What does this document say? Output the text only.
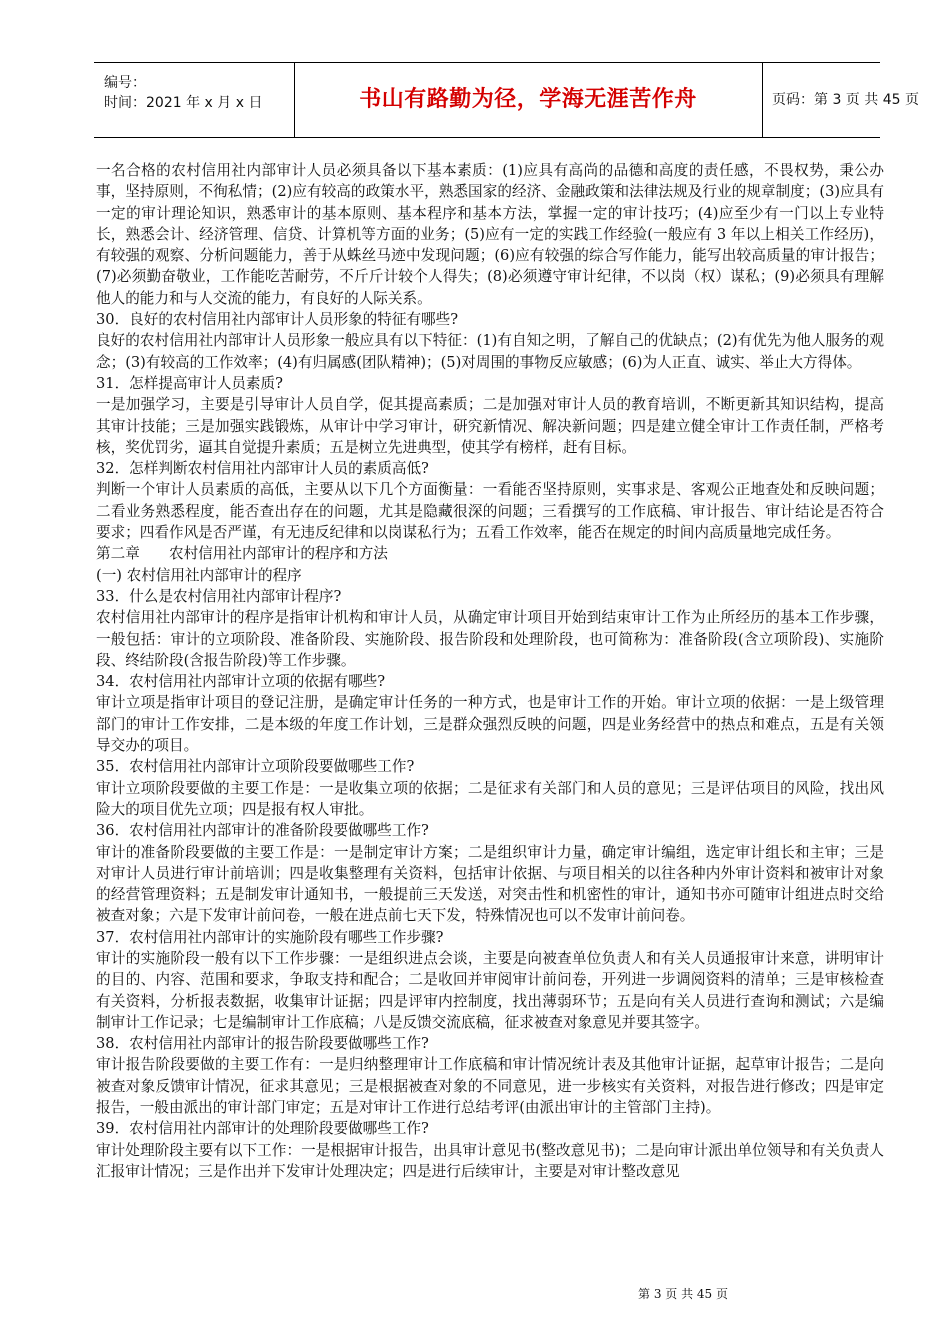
编号：
时间：2021 年 x 月 x 日	书山有路勤为径，学海无涯苦作舟	页码：第 3 页 共 45 页

一名合格的农村信用社内部审计人员必须具备以下基本素质：(1)应具有高尚的品德和高度的责任感，不畏权势，秉公办事，坚持原则，不徇私情；(2)应有较高的政策水平，熟悉国家的经济、金融政策和法律法规及行业的规章制度；(3)应具有一定的审计理论知识，熟悉审计的基本原则、基本程序和基本方法，掌握一定的审计技巧；(4)应至少有一门以上专业特长，熟悉会计、经济管理、信贷、计算机等方面的业务；(5)应有一定的实践工作经验(一般应有 3 年以上相关工作经历)，有较强的观察、分析问题能力，善于从蛛丝马迹中发现问题；(6)应有较强的综合写作能力，能写出较高质量的审计报告；(7)必须勤奋敬业，工作能吃苦耐劳，不斤斤计较个人得失；(8)必须遵守审计纪律，不以岗（权）谋私；(9)必须具有理解他人的能力和与人交流的能力，有良好的人际关系。

30．良好的农村信用社内部审计人员形象的特征有哪些?

良好的农村信用社内部审计人员形象一般应具有以下特征：(1)有自知之明，了解自己的优缺点；(2)有优先为他人服务的观念；(3)有较高的工作效率；(4)有归属感(团队精神)；(5)对周围的事物反应敏感；(6)为人正直、诚实、举止大方得体。

31．怎样提高审计人员素质?

一是加强学习，主要是引导审计人员自学，促其提高素质；二是加强对审计人员的教育培训，不断更新其知识结构，提高其审计技能；三是加强实践锻炼，从审计中学习审计，研究新情况、解决新问题；四是建立健全审计工作责任制，严格考核，奖优罚劣，逼其自觉提升素质；五是树立先进典型，使其学有榜样，赶有目标。

32．怎样判断农村信用社内部审计人员的素质高低?

判断一个审计人员素质的高低，主要从以下几个方面衡量：一看能否坚持原则，实事求是、客观公正地查处和反映问题；二看业务熟悉程度，能否查出存在的问题，尤其是隐藏很深的问题；三看撰写的工作底稿、审计报告、审计结论是否符合要求；四看作风是否严谨，有无违反纪律和以岗谋私行为；五看工作效率，能否在规定的时间内高质量地完成任务。

第二章　　农村信用社内部审计的程序和方法

(一) 农村信用社内部审计的程序

33．什么是农村信用社内部审计程序?

农村信用社内部审计的程序是指审计机构和审计人员，从确定审计项目开始到结束审计工作为止所经历的基本工作步骤，一般包括：审计的立项阶段、准备阶段、实施阶段、报告阶段和处理阶段，也可简称为：准备阶段(含立项阶段)、实施阶段、终结阶段(含报告阶段)等工作步骤。

34．农村信用社内部审计立项的依据有哪些?

审计立项是指审计项目的登记注册，是确定审计任务的一种方式，也是审计工作的开始。审计立项的依据：一是上级管理部门的审计工作安排，二是本级的年度工作计划，三是群众强烈反映的问题，四是业务经营中的热点和难点，五是有关领导交办的项目。

35．农村信用社内部审计立项阶段要做哪些工作?

审计立项阶段要做的主要工作是：一是收集立项的依据；二是征求有关部门和人员的意见；三是评估项目的风险，找出风险大的项目优先立项；四是报有权人审批。

36．农村信用社内部审计的准备阶段要做哪些工作?

审计的准备阶段要做的主要工作是：一是制定审计方案；二是组织审计力量，确定审计编组，选定审计组长和主审；三是对审计人员进行审计前培训；四是收集整理有关资料，包括审计依据、与项目相关的以往各种内外审计资料和被审计对象的经营管理资料；五是制发审计通知书，一般提前三天发送，对突击性和机密性的审计，通知书亦可随审计组进点时交给被查对象；六是下发审计前问卷，一般在进点前七天下发，特殊情况也可以不发审计前问卷。

37．农村信用社内部审计的实施阶段有哪些工作步骤?

审计的实施阶段一般有以下工作步骤：一是组织进点会谈，主要是向被查单位负责人和有关人员通报审计来意，讲明审计的目的、内容、范围和要求，争取支持和配合；二是收回并审阅审计前问卷，开列进一步调阅资料的清单；三是审核检查有关资料，分析报表数据，收集审计证据；四是评审内控制度，找出薄弱环节；五是向有关人员进行查询和测试；六是编制审计工作记录；七是编制审计工作底稿；八是反馈交流底稿，征求被查对象意见并要其签字。

38．农村信用社内部审计的报告阶段要做哪些工作?

审计报告阶段要做的主要工作有：一是归纳整理审计工作底稿和审计情况统计表及其他审计证据，起草审计报告；二是向被查对象反馈审计情况，征求其意见；三是根据被查对象的不同意见，进一步核实有关资料，对报告进行修改；四是审定报告，一般由派出的审计部门审定；五是对审计工作进行总结考评(由派出审计的主管部门主持)。

39．农村信用社内部审计的处理阶段要做哪些工作?

审计处理阶段主要有以下工作：一是根据审计报告，出具审计意见书(整改意见书)；二是向审计派出单位领导和有关负责人汇报审计情况；三是作出并下发审计处理决定；四是进行后续审计，主要是对审计整改意见

第 3 页 共 45 页
